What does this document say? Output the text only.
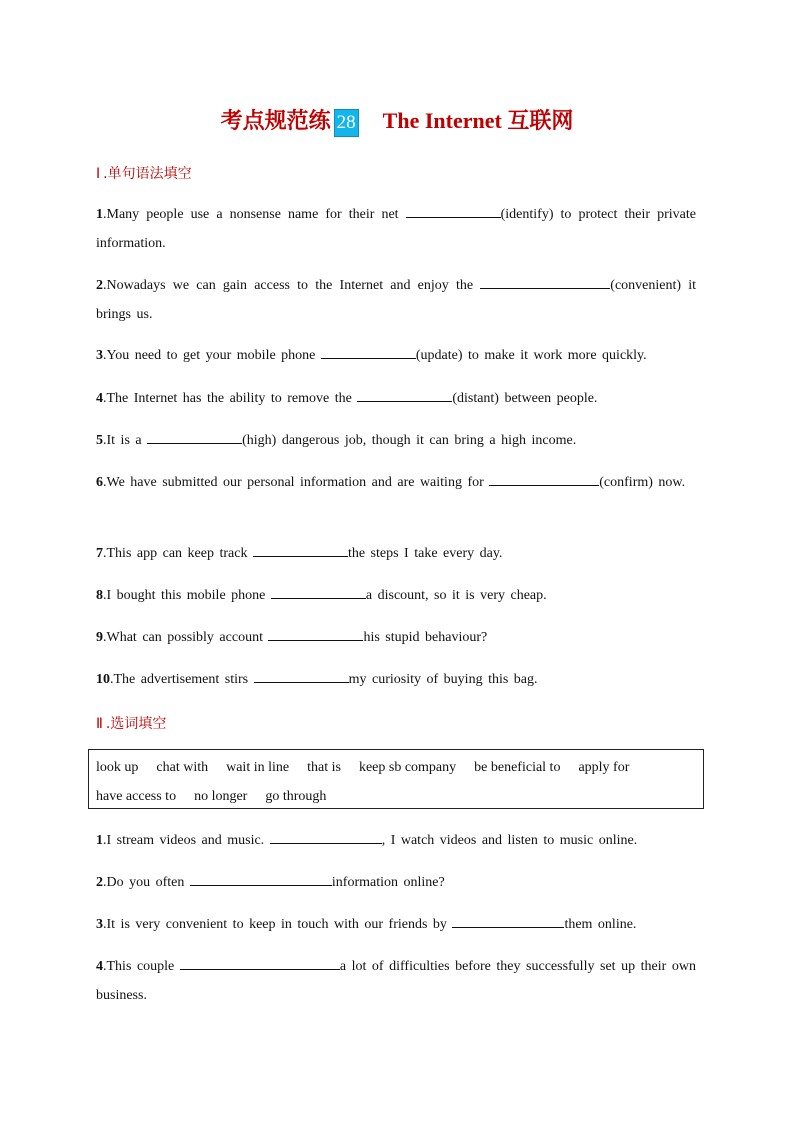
考点规范练 28 The Internet 互联网
Ⅰ .单句语法填空
1.Many people use a nonsense name for their net	(identify) to protect their private information.
2.Nowadays we can gain access to the Internet and enjoy the	(convenient) it brings us.
3.You need to get your mobile phone	(update) to make it work more quickly.
4.The Internet has the ability to remove the	(distant) between people.
5.It is a	(high) dangerous job, though it can bring a high income.
6.We have submitted our personal information and are waiting for	(confirm) now.
7.This app can keep track	the steps I take every day.
8.I bought this mobile phone	a discount, so it is very cheap.
9.What can possibly account	his stupid behaviour?
10.The advertisement stirs	my curiosity of buying this bag.
Ⅱ .选词填空
look up chat with wait in line that is keep sb company be beneficial to apply for
have access to no longer go through
1.I stream videos and music.	, I watch videos and listen to music online.
2.Do you often	information online?
3.It is very convenient to keep in touch with our friends by	them online.
4.This couple	a lot of difficulties before they successfully set up their own business.
